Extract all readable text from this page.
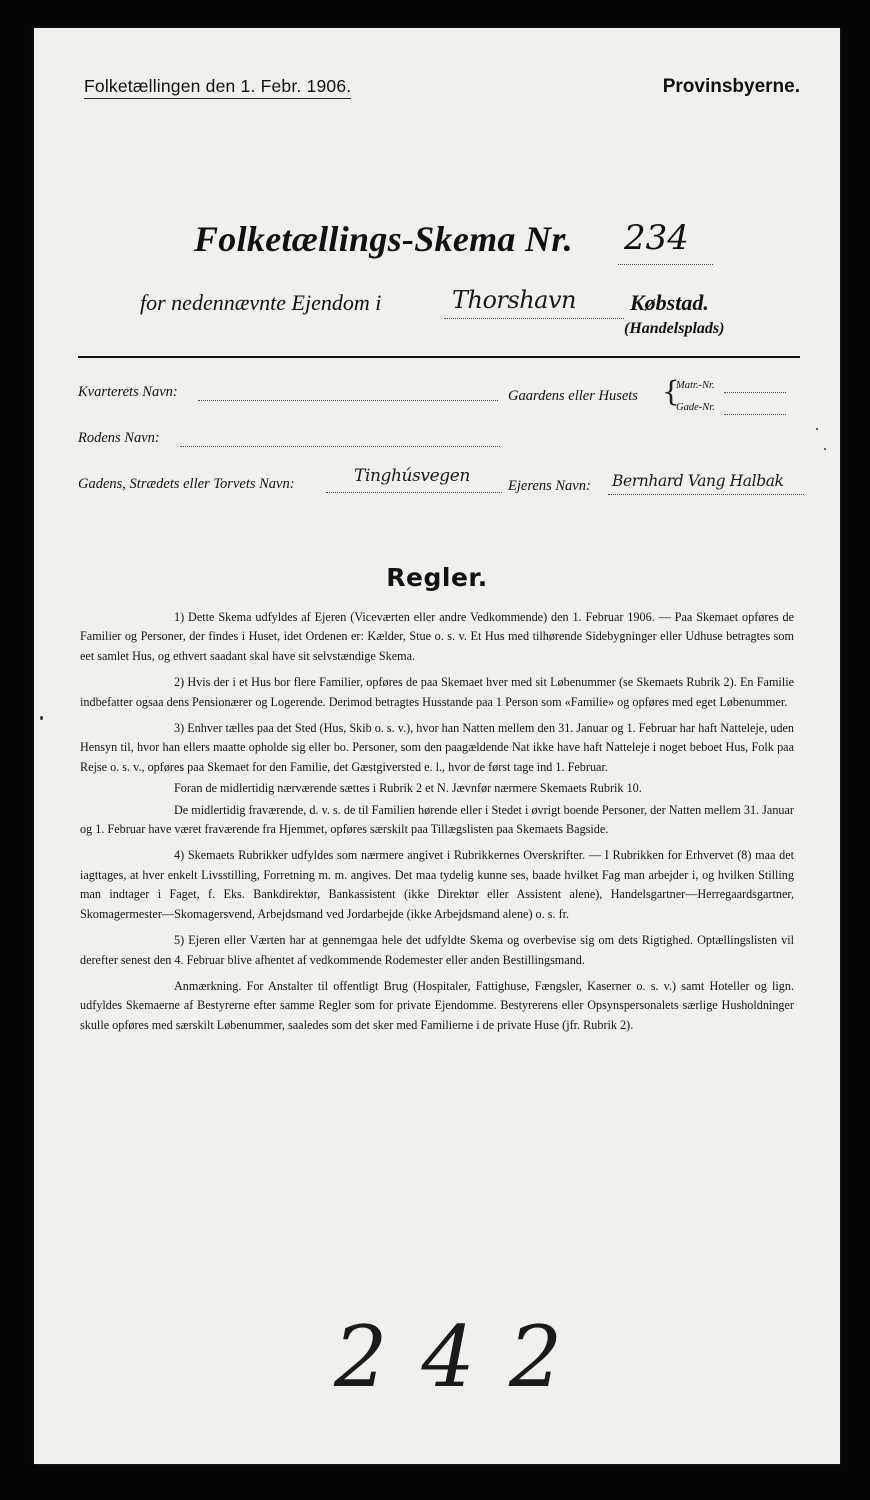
Folketællingen den 1. Febr. 1906.	Provinsbyerne.
Folketællings-Skema Nr. 234
for nedennævnte Ejendom i	Thorshavn Købstad.
(Handelsplads)
Kvarterets Navn:	Gaardens eller Husets {
Matr.-Nr.
Gade-Nr.
Rodens Navn:
Gadens, Strædets eller Torvets Navn:	Tinghúsvegen	Ejerens Navn: Bernhard Vang Halbak
Regler.

1) Dette Skema udfyldes af Ejeren (Viceværten eller andre Vedkommende) den 1. Februar 1906. — Paa Skemaet opføres de Familier og Personer, der findes i Huset, idet Ordenen er: Kælder, Stue o. s. v. Et Hus med tilhørende Sidebygninger eller Udhuse betragtes som eet samlet Hus, og ethvert saadant skal have sit selvstændige Skema.

2) Hvis der i et Hus bor flere Familier, opføres de paa Skemaet hver med sit Løbenummer (se Skemaets Rubrik 2). En Familie indbefatter ogsaa dens Pensionærer og Logerende. Derimod betragtes Husstande paa 1 Person som «Familie» og opføres med eget Løbenummer.

3) Enhver tælles paa det Sted (Hus, Skib o. s. v.), hvor han Natten mellem den 31. Januar og 1. Februar har haft Natteleje, uden Hensyn til, hvor han ellers maatte opholde sig eller bo. Personer, som den paagældende Nat ikke have haft Natteleje i noget beboet Hus, Folk paa Rejse o. s. v., opføres paa Skemaet for den Familie, det Gæstgiversted e. l., hvor de først tage ind 1. Februar.

Foran de midlertidig nærværende sættes i Rubrik 2 et N. Jævnfør nærmere Skemaets Rubrik 10.

De midlertidig fraværende, d. v. s. de til Familien hørende eller i Stedet i øvrigt boende Personer, der Natten mellem 31. Januar og 1. Februar have været fraværende fra Hjemmet, opføres særskilt paa Tillægslisten paa Skemaets Bagside.

4) Skemaets Rubrikker udfyldes som nærmere angivet i Rubrikkernes Overskrifter. — I Rubrikken for Erhvervet (8) maa det iagttages, at hver enkelt Livsstilling, Forretning m. m. angives. Det maa tydelig kunne ses, baade hvilket Fag man arbejder i, og hvilken Stilling man indtager i Faget, f. Eks. Bankdirektør, Bankassistent (ikke Direktør eller Assistent alene), Handelsgartner—Herregaardsgartner, Skomagermester—Skomagersvend, Arbejdsmand ved Jordarbejde (ikke Arbejdsmand alene) o. s. fr.

5) Ejeren eller Værten har at gennemgaa hele det udfyldte Skema og overbevise sig om dets Rigtighed. Optællingslisten vil derefter senest den 4. Februar blive afhentet af vedkommende Rodemester eller anden Bestillingsmand.

Anmærkning. For Anstalter til offentligt Brug (Hospitaler, Fattighuse, Fængsler, Kaserner o. s. v.) samt Hoteller og lign. udfyldes Skemaerne af Bestyrerne efter samme Regler som for private Ejendomme. Bestyrerens eller Opsynspersonalets særlige Husholdninger skulle opføres med særskilt Løbenummer, saaledes som det sker med Familierne i de private Huse (jfr. Rubrik 2).

242
